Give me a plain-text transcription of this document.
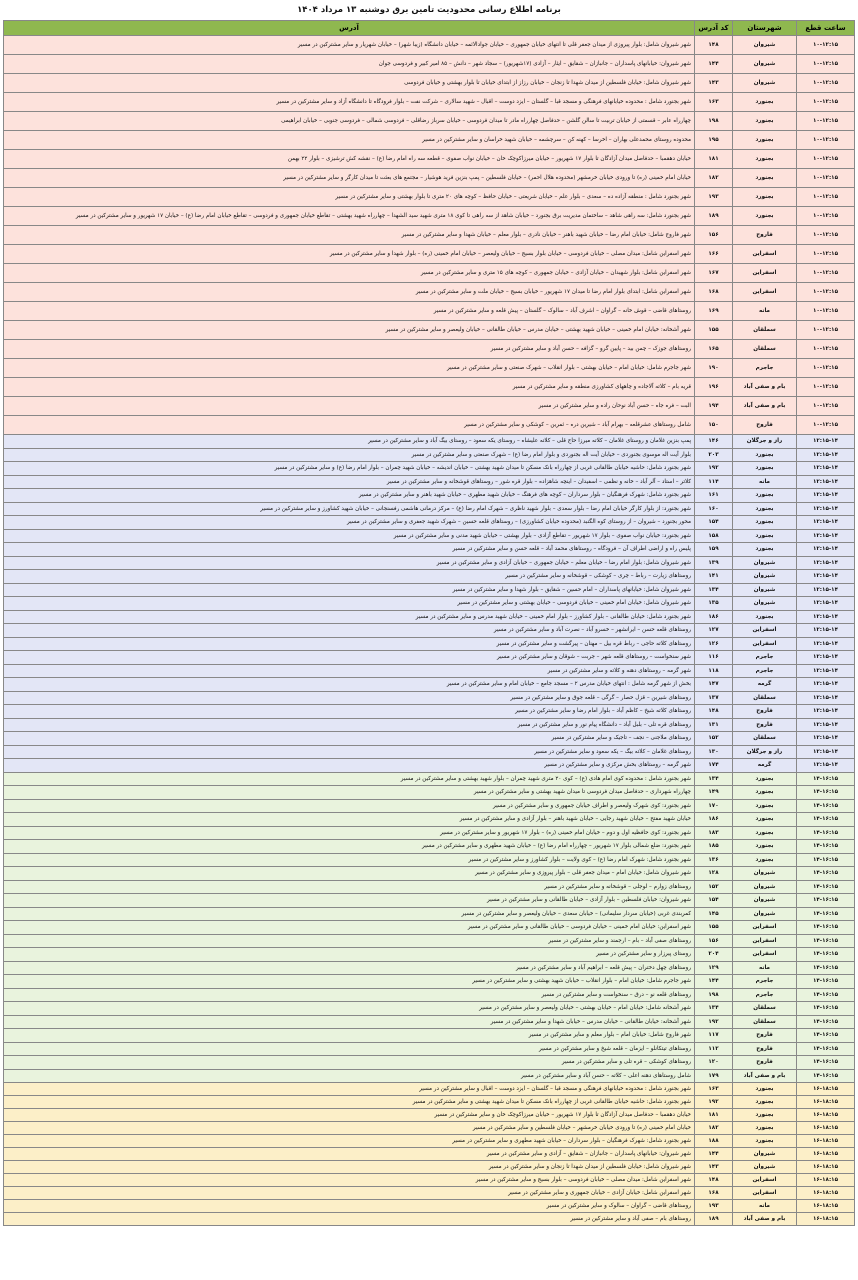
برنامه اطلاع رسانی محدودیت تامین برق دوشنبه ۱۳ مرداد ۱۴۰۴
ساعت قطع	شهرستان	کد آدرس	آدرس
۱۰-۱۲:۱۵	شیروان	۱۴۸	شهر شیروان شامل: بلوار پیروزی از میدان جعفر قلی تا انتهای خیابان جمهوری – خیابان جوادالائمه – خیابان دانشگاه (زیبا شهر) – خیابان شهریار و سایر مشترکین در مسیر
۱۰-۱۲:۱۵	شیروان	۱۴۴	شهر شیروان: خیابانهای پاسداران – جانبازان – شقایق – ایثار – آزادی (۱۷شهریور) – سجاد شهر – دانش – ۸۵ امیر کبیر و فردوسی جوان
۱۰-۱۲:۱۵	شیروان	۱۴۳	شهر شیروان شامل: خیابان فلسطین از میدان شهدا تا زنجان – خیابان رزاز از ابتدای خیابان تا بلوار بهشتی و خیابان فردوسی
۱۰-۱۲:۱۵	بجنورد	۱۶۳	شهر بجنورد شامل : محدوده خیابانهای فرهنگی و مسجد قبا – گلستان – ایزد دوست – اقبال – شهید سالاری – شرکت نفت – بلوار فرودگاه تا دانشگاه آزاد و سایر مشترکین در مسیر
۱۰-۱۲:۱۵	بجنورد	۱۹۸	چهارراه عابر – قسمتی از خیابان تربیت تا سالن گلشن – حدفاصل چهارراه مادر تا میدان فردوسی – خیابان سرباز رضاقلی – فردوسی شمالی – فردوسی جنوبی – خیابان ابراهیمی
۱۰-۱۲:۱۵	بجنورد	۱۹۵	محدوده روستای محمدعلی بهاران – اخرسا – کهنه کن – سرچشمه – خیابان شهید خراسان و سایر مشترکین در مسیر
۱۰-۱۲:۱۵	بجنورد	۱۸۱	خیابان دهقمبا – حدفاصل میدان آزادگان تا بلوار ۱۷ شهریور – خیابان میرزاکوچک خان – خیابان نواب صفوی – قطعه سه راه امام رضا (ع) – نقشه کش ترشیزی – بلوار ۲۲ بهمن
۱۰-۱۲:۱۵	بجنورد	۱۸۲	خیابان امام خمینی (ره) تا ورودی خیابان خرمشهر (محدوده هلال احمر) – خیابان فلسطین – پمپ بنزین فرید هوشیار – مجتمع های بعثت تا میدان کارگر و سایر مشترکین در مسیر
۱۰-۱۲:۱۵	بجنورد	۱۹۳	شهر بجنورد شامل : منطقه آزاده ده – سعدی – بلوار علم – خیابان شریعتی – خیابان حافظ – کوچه های ۲۰ متری تا بلوار بهشتی و سایر مشترکین در مسیر
۱۰-۱۲:۱۵	بجنورد	۱۸۹	شهر بجنورد شامل: سه راهی شاهد – ساختمان مدیریت برق بجنورد – خیابان شاهد از سه راهی تا کوی ۱۸ متری شهید سید الشهدا – چهارراه شهید بهشتی – تقاطع خیابان جمهوری و فردوسی – تقاطع خیابان امام رضا (ع) – خیابان ۱۷ شهریور و سایر مشترکین در مسیر
۱۰-۱۲:۱۵	فاروج	۱۵۶	شهر فاروج شامل: خیابان امام رضا – خیابان شهید باهنر – خیابان نادری – بلوار معلم – خیابان شهدا و سایر مشترکین در مسیر
۱۰-۱۲:۱۵	اسفراین	۱۶۶	شهر اسفراین شامل: میدان مصلی – خیابان فردوسی – خیابان بلوار بسیج – خیابان ولیعصر – خیابان امام خمینی (ره) – بلوار شهدا و سایر مشترکین در مسیر
۱۰-۱۲:۱۵	اسفراین	۱۶۷	شهر اسفراین شامل: بلوار شهیدان – خیابان آزادی – خیابان جمهوری – کوچه های ۱۵ متری و سایر مشترکین در مسیر
۱۰-۱۲:۱۵	اسفراین	۱۶۸	شهر اسفراین شامل: ابتدای بلوار امام رضا تا میدان ۱۷ شهریور – خیابان بسیج – خیابان ملت و سایر مشترکین در مسیر
۱۰-۱۲:۱۵	مانه	۱۶۹	روستاهای قاضی – قوش خانه – گراوان – اشرف آباد – سالوک – گلستان – پیش قلعه و سایر مشترکین در مسیر
۱۰-۱۲:۱۵	سملقان	۱۵۵	شهر آشخانه: خیابان امام خمینی – خیابان شهید بهشتی – خیابان مدرس – خیابان طالقانی – خیابان ولیعصر و سایر مشترکین در مسیر
۱۰-۱۲:۱۵	سملقان	۱۶۵	روستاهای جوزک – چمن بید – پایین گرو – گزافه – حسن آباد و سایر مشترکین در مسیر
۱۰-۱۲:۱۵	جاجرم	۱۹۰	شهر جاجرم شامل: خیابان امام – خیابان بهشتی – بلوار انقلاب – شهرک صنعتی و سایر مشترکین در مسیر
۱۰-۱۲:۱۵	بام و صفی آباد	۱۹۶	قریه بام – کلاته آلاجاده و چاههای کشاورزی منطقه و سایر مشترکین در مسیر
۱۰-۱۲:۱۵	بام و صفی آباد	۱۹۴	البت – فره جاه – حسن آباد نوحان راده و سایر مشترکین در مسیر
۱۰-۱۲:۱۵	فاروج	۱۵۰	شامل روستاهای عشرقلعه – بهرام آباد – شیرین دره – ثمرین – کوشکی و سایر مشترکین در مسیر
۱۲:۱۵-۱۴	راز و جرگلان	۱۴۶	پمپ بنزین غلامان و روستای غلامان – کلاته میرزا حاج قلی – کلاته علیشاه – روستای یکه سعود – روستای بیگ آباد و سایر مشترکین در مسیر
۱۲:۱۵-۱۴	بجنورد	۲۰۳	بلوار آیت اله موسوی بجنوردی – خیابان آیت اله بجنوردی و بلوار امام رضا (ع) – شهرک صنعتی و سایر مشترکین در مسیر
۱۲:۱۵-۱۴	بجنورد	۱۹۲	شهر بجنورد شامل: حاشیه خیابان طالقانی غربی از چهارراه بانک مسکن تا میدان شهید بهشتی – خیابان اندیشه – خیابان شهید چمران – بلوار امام رضا (ع) و سایر مشترکین در مسیر
۱۲:۱۵-۱۴	مانه	۱۱۴	کلاتر – استاد – آلر آباد – خانه و نظمی – اسفیدان – اینچه شاهزاده – بلوار قره شور – روستاهای قوشخانه و سایر مشترکین در مسیر
۱۲:۱۵-۱۴	بجنورد	۱۶۱	شهر بجنورد شامل: شهرک فرهنگیان – بلوار سرداران – کوچه های فرهنگ – خیابان شهید مطهری – خیابان شهید باهنر و سایر مشترکین در مسیر
۱۲:۱۵-۱۴	بجنورد	۱۶۰	شهر بجنورد: از بلوار کارگر خیابان امام رضا – بلوار سعدی – بلوار شهید ناظری – شهرک امام رضا (ع) – مرکز درمانی هاشمی رفسنجانی – خیابان شهید کشاورز و سایر مشترکین در مسیر
۱۲:۱۵-۱۴	بجنورد	۱۵۴	محور بجنورد – شیروان – از روستای کوه الگنبد (محدوده خیابان کشاورزی) – روستاهای قلعه حسین – شهرک شهید جعفری و سایر مشترکین در مسیر
۱۲:۱۵-۱۴	بجنورد	۱۵۸	شهر بجنورد: خیابان نواب صفوی – بلوار ۱۷ شهریور – تقاطع آزادی – بلوار بهشتی – خیابان شهید مدنی و سایر مشترکین در مسیر
۱۲:۱۵-۱۴	بجنورد	۱۵۹	پلیس راه و اراضی اطراف آن – فرودگاه – روستاهای محمد آباد – قلعه حسن و سایر مشترکین در مسیر
۱۲:۱۵-۱۴	شیروان	۱۳۹	شهر شیروان شامل: بلوار امام رضا – خیابان معلم – خیابان جمهوری – خیابان آزادی و سایر مشترکین در مسیر
۱۲:۱۵-۱۴	شیروان	۱۴۱	روستاهای زیارت – رباط – چری – کوشکی – قوشخانه و سایر مشترکین در مسیر
۱۲:۱۵-۱۴	شیروان	۱۳۴	شهر شیروان شامل: خیابانهای پاسداران – امام حسین – شقایق – بلوار شهدا و سایر مشترکین در مسیر
۱۲:۱۵-۱۴	شیروان	۱۳۵	شهر شیروان شامل: خیابان امام خمینی – خیابان فردوسی – خیابان بهشتی و سایر مشترکین در مسیر
۱۲:۱۵-۱۴	بجنورد	۱۸۶	شهر بجنورد شامل: خیابان طالقانی – بلوار کشاورز – بلوار امام خمینی – خیابان شهید مدرس و سایر مشترکین در مسیر
۱۲:۱۵-۱۴	اسفراین	۱۲۷	روستاهای قلعه حسن – ایرانشهر – خسرو آباد – نصرت آباد و سایر مشترکین در مسیر
۱۲:۱۵-۱۴	اسفراین	۱۲۶	روستاهای کلاته حاجی – رباط قره بیل – مهنان – پیرگشت و سایر مشترکین در مسیر
۱۲:۱۵-۱۴	جاجرم	۱۱۶	شهر سنخواست – روستاهای قلعه شهر – جربت – شوقان و سایر مشترکین در مسیر
۱۲:۱۵-۱۴	جاجرم	۱۱۸	شهر گرمه – روستاهای دهنه و کلاته و سایر مشترکین در مسیر
۱۲:۱۵-۱۴	گرمه	۱۴۷	بخش از شهر گرمه شامل : انتهای خیابان مدرس ۲ – مسجد جامع – خیابان امام و سایر مشترکین در مسیر
۱۲:۱۵-۱۴	سملقان	۱۳۷	روستاهای شیرین – قزل حصار – گرگی – قلعه جوق و سایر مشترکین در مسیر
۱۲:۱۵-۱۴	فاروج	۱۴۸	روستاهای کلاته شیخ – کاظم آباد – بلوار امام رضا و سایر مشترکین در مسیر
۱۲:۱۵-۱۴	فاروج	۱۳۱	روستاهای قره تلی – بلبل آباد – دانشگاه پیام نور و سایر مشترکین در مسیر
۱۲:۱۵-۱۴	سملقان	۱۵۲	روستاهای ملاجنی – نجف – تاجیک و سایر مشترکین در مسیر
۱۲:۱۵-۱۴	راز و جرگلان	۱۳۰	روستاهای غلامان – کلاته بیگ – یکه سعود و سایر مشترکین در مسیر
۱۲:۱۵-۱۴	گرمه	۱۷۴	شهر گرمه – روستاهای بخش مرکزی و سایر مشترکین در مسیر
۱۴-۱۶:۱۵	بجنورد	۱۳۴	شهر بجنورد شامل : محدوده کوی امام هادی (ع) – کوی ۲۰ متری شهید چمران – بلوار شهید بهشتی و سایر مشترکین در مسیر
۱۴-۱۶:۱۵	بجنورد	۱۴۹	چهارراه شهرداری – حدفاصل میدان فردوسی تا میدان شهید بهشتی و سایر مشترکین در مسیر
۱۴-۱۶:۱۵	بجنورد	۱۷۰	شهر بجنورد: کوی شهرک ولیعصر و اطراف خیابان جمهوری و سایر مشترکین در مسیر
۱۴-۱۶:۱۵	بجنورد	۱۸۶	خیابان شهید مفتح – خیابان شهید رجایی – خیابان شهید باهنر – بلوار آزادی و سایر مشترکین در مسیر
۱۴-۱۶:۱۵	بجنورد	۱۸۳	شهر بجنورد: کوی حافظیه اول و دوم – خیابان امام خمینی (ره) – بلوار ۱۷ شهریور و سایر مشترکین در مسیر
۱۴-۱۶:۱۵	بجنورد	۱۸۵	شهر بجنورد: ضلع شمالی بلوار ۱۷ شهریور – چهارراه امام رضا (ع) – خیابان شهید مطهری و سایر مشترکین در مسیر
۱۴-۱۶:۱۵	بجنورد	۱۳۶	شهر بجنورد شامل: شهرک امام رضا (ع) – کوی ولایت – بلوار کشاورز و سایر مشترکین در مسیر
۱۴-۱۶:۱۵	شیروان	۱۲۸	شهر شیروان شامل: خیابان امام – میدان جعفر قلی – بلوار پیروزی و سایر مشترکین در مسیر
۱۴-۱۶:۱۵	شیروان	۱۵۲	روستاهای زوارم – لوجلی – قوشخانه و سایر مشترکین در مسیر
۱۴-۱۶:۱۵	شیروان	۱۵۴	شهر شیروان: خیابان فلسطین – بلوار آزادی – خیابان طالقانی و سایر مشترکین در مسیر
۱۴-۱۶:۱۵	شیروان	۱۴۵	کمربندی غربی (خیابان سردار سلیمانی) – خیابان سعدی – خیابان ولیعصر و سایر مشترکین در مسیر
۱۴-۱۶:۱۵	اسفراین	۱۵۵	شهر اسفراین: خیابان امام خمینی – خیابان فردوسی – خیابان طالقانی و سایر مشترکین در مسیر
۱۴-۱۶:۱۵	اسفراین	۱۵۶	روستاهای صفی آباد – بام – ارجمند و سایر مشترکین در مسیر
۱۴-۱۶:۱۵	اسفراین	۲۰۴	روستای پیرزار و سایر مشترکین در مسیر
۱۴-۱۶:۱۵	مانه	۱۲۹	روستاهای چهل دختران – پیش قلعه – ابراهیم آباد و سایر مشترکین در مسیر
۱۴-۱۶:۱۵	جاجرم	۱۴۴	شهر جاجرم شامل: خیابان امام – بلوار انقلاب – خیابان شهید بهشتی و سایر مشترکین در مسیر
۱۴-۱۶:۱۵	جاجرم	۱۹۸	روستاهای قلعه نو – درق – سنخواست و سایر مشترکین در مسیر
۱۴-۱۶:۱۵	سملقان	۱۳۴	شهر آشخانه شامل: خیابان امام – خیابان بهشتی – خیابان ولیعصر و سایر مشترکین در مسیر
۱۴-۱۶:۱۵	سملقان	۱۹۲	شهر آشخانه: خیابان طالقانی – خیابان مدرس – خیابان شهدا و سایر مشترکین در مسیر
۱۴-۱۶:۱۵	فاروج	۱۱۷	شهر فاروج شامل: خیابان امام – بلوار معلم و سایر مشترکین در مسیر
۱۴-۱۶:۱۵	فاروج	۱۱۲	روستاهای تیتکانلو – ایزمان – قلعه شیخ و سایر مشترکین در مسیر
۱۴-۱۶:۱۵	فاروج	۱۲۰	روستاهای کوشکی – قره تلی و سایر مشترکین در مسیر
۱۴-۱۶:۱۵	بام و صفی آباد	۱۷۹	شامل روستاهای دهنه اعلی – کلاته – حسن آباد و سایر مشترکین در مسیر
۱۶-۱۸:۱۵	بجنورد	۱۶۳	شهر بجنورد شامل : محدوده خیابانهای فرهنگی و مسجد قبا – گلستان – ایزد دوست – اقبال و سایر مشترکین در مسیر
۱۶-۱۸:۱۵	بجنورد	۱۹۲	شهر بجنورد شامل: حاشیه خیابان طالقانی غربی از چهارراه بانک مسکن تا میدان شهید بهشتی و سایر مشترکین در مسیر
۱۶-۱۸:۱۵	بجنورد	۱۸۱	خیابان دهقمبا – حدفاصل میدان آزادگان تا بلوار ۱۷ شهریور – خیابان میرزاکوچک خان و سایر مشترکین در مسیر
۱۶-۱۸:۱۵	بجنورد	۱۸۲	خیابان امام خمینی (ره) تا ورودی خیابان خرمشهر – خیابان فلسطین و سایر مشترکین در مسیر
۱۶-۱۸:۱۵	بجنورد	۱۸۸	شهر بجنورد شامل: شهرک فرهنگیان – بلوار سرداران – خیابان شهید مطهری و سایر مشترکین در مسیر
۱۶-۱۸:۱۵	شیروان	۱۴۴	شهر شیروان: خیابانهای پاسداران – جانبازان – شقایق – آزادی و سایر مشترکین در مسیر
۱۶-۱۸:۱۵	شیروان	۱۴۳	شهر شیروان شامل: خیابان فلسطین از میدان شهدا تا زنجان و سایر مشترکین در مسیر
۱۶-۱۸:۱۵	اسفراین	۱۴۸	شهر اسفراین شامل: میدان مصلی – خیابان فردوسی – بلوار بسیج و سایر مشترکین در مسیر
۱۶-۱۸:۱۵	اسفراین	۱۶۸	شهر اسفراین شامل: خیابان آزادی – خیابان جمهوری و سایر مشترکین در مسیر
۱۶-۱۸:۱۵	مانه	۱۹۳	روستاهای قاضی – گراوان – سالوک و سایر مشترکین در مسیر
۱۶-۱۸:۱۵	بام و صفی آباد	۱۸۹	روستاهای بام – صفی آباد و سایر مشترکین در مسیر
